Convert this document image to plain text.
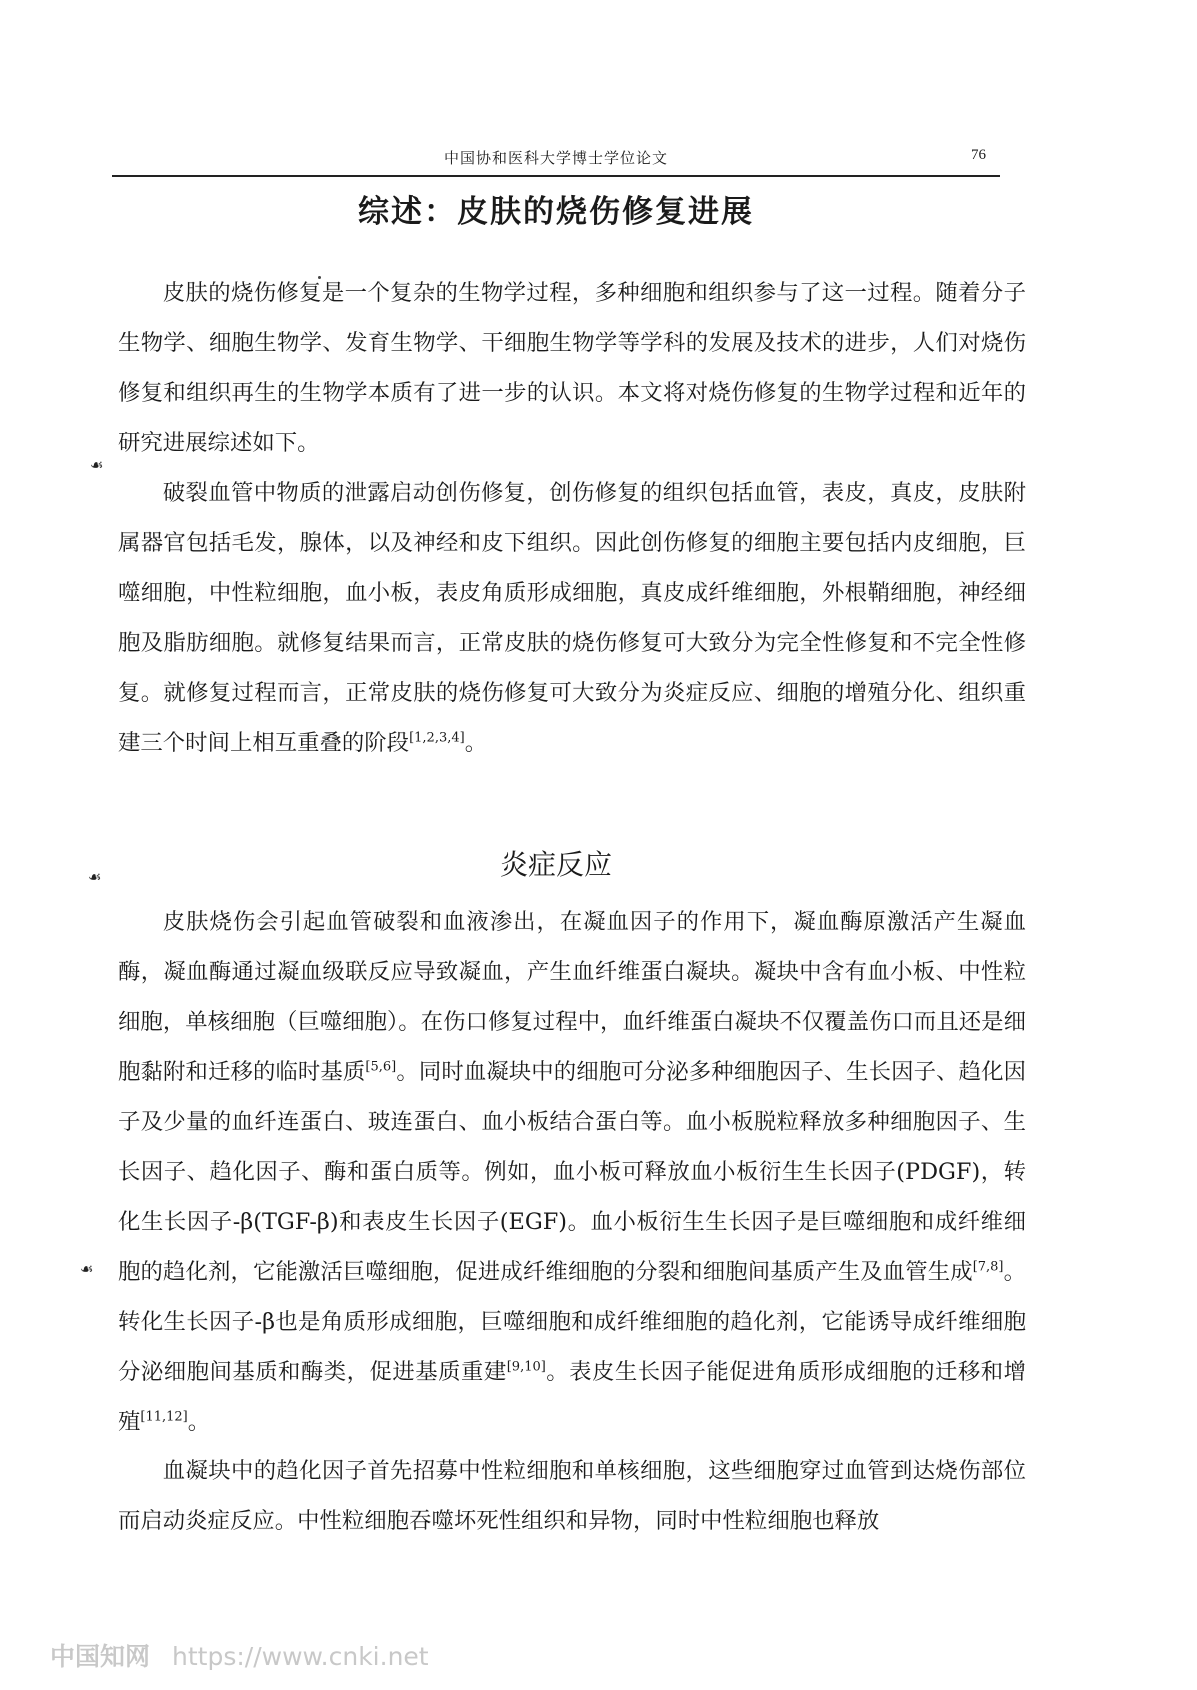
中国协和医科大学博士学位论文	76
综述：皮肤的烧伤修复进展

皮肤的烧伤修复是一个复杂的生物学过程，多种细胞和组织参与了这一过程。随着分子生物学、细胞生物学、发育生物学、干细胞生物学等学科的发展及技术的进步，人们对烧伤修复和组织再生的生物学本质有了进一步的认识。本文将对烧伤修复的生物学过程和近年的研究进展综述如下。

破裂血管中物质的泄露启动创伤修复，创伤修复的组织包括血管，表皮，真皮，皮肤附属器官包括毛发，腺体，以及神经和皮下组织。因此创伤修复的细胞主要包括内皮细胞，巨噬细胞，中性粒细胞，血小板，表皮角质形成细胞，真皮成纤维细胞，外根鞘细胞，神经细胞及脂肪细胞。就修复结果而言，正常皮肤的烧伤修复可大致分为完全性修复和不完全性修复。就修复过程而言，正常皮肤的烧伤修复可大致分为炎症反应、细胞的增殖分化、组织重建三个时间上相互重叠的阶段[1,2,3,4]。

炎症反应

皮肤烧伤会引起血管破裂和血液渗出，在凝血因子的作用下，凝血酶原激活产生凝血酶，凝血酶通过凝血级联反应导致凝血，产生血纤维蛋白凝块。凝块中含有血小板、中性粒细胞，单核细胞（巨噬细胞）。在伤口修复过程中，血纤维蛋白凝块不仅覆盖伤口而且还是细胞黏附和迁移的临时基质[5,6]。同时血凝块中的细胞可分泌多种细胞因子、生长因子、趋化因子及少量的血纤连蛋白、玻连蛋白、血小板结合蛋白等。血小板脱粒释放多种细胞因子、生长因子、趋化因子、酶和蛋白质等。例如，血小板可释放血小板衍生生长因子(PDGF)，转化生长因子-β(TGF-β)和表皮生长因子(EGF)。血小板衍生生长因子是巨噬细胞和成纤维细胞的趋化剂，它能激活巨噬细胞，促进成纤维细胞的分裂和细胞间基质产生及血管生成[7,8]。转化生长因子-β也是角质形成细胞，巨噬细胞和成纤维细胞的趋化剂，它能诱导成纤维细胞分泌细胞间基质和酶类，促进基质重建[9,10]。表皮生长因子能促进角质形成细胞的迁移和增殖[11,12]。

血凝块中的趋化因子首先招募中性粒细胞和单核细胞，这些细胞穿过血管到达烧伤部位而启动炎症反应。中性粒细胞吞噬坏死性组织和异物，同时中性粒细胞也释放

☙
☙
☙
中国知网 https://www.cnki.net
